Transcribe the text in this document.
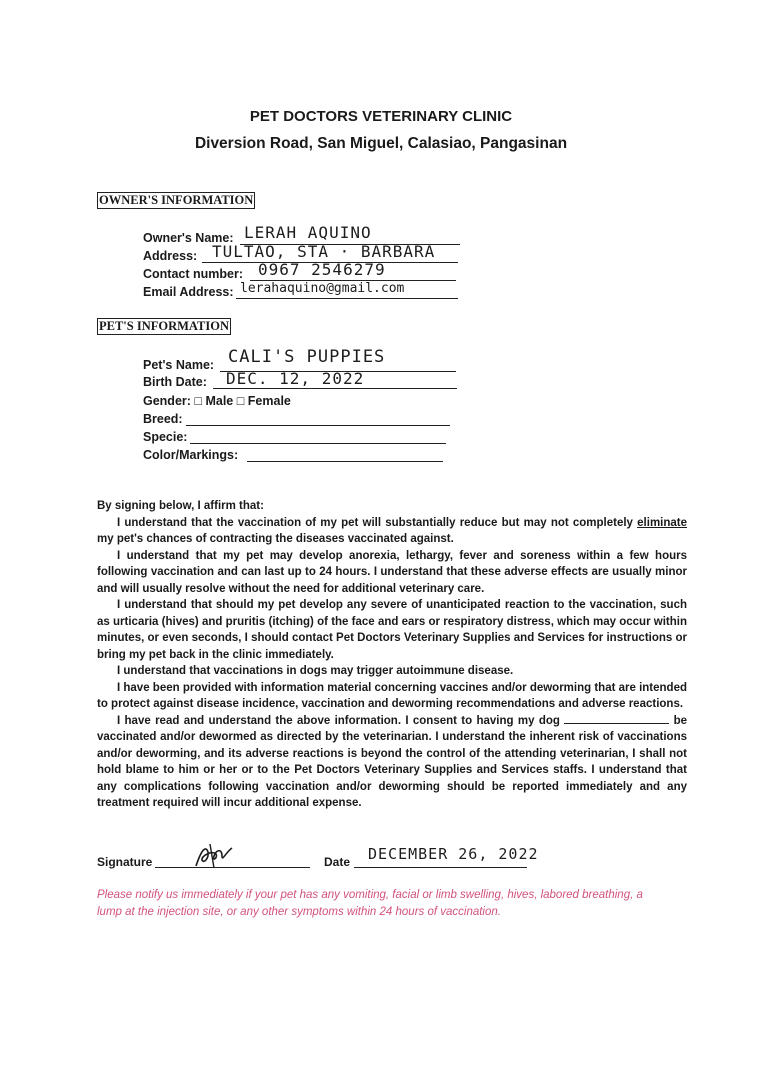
PET DOCTORS VETERINARY CLINIC
Diversion Road, San Miguel, Calasiao, Pangasinan
OWNER'S INFORMATION
Owner's Name: LERAH AQUINO
Address: TULTAO, STA · BARBARA
Contact number: 0967 2546279
Email Address: lerahaquino@gmail.com
PET'S INFORMATION
Pet's Name: CALI'S PUPPIES
Birth Date: DEC. 12, 2022
Gender: □ Male □ Female
Breed:
Specie:
Color/Markings:

By signing below, I affirm that:

I understand that the vaccination of my pet will substantially reduce but may not completely eliminate my pet's chances of contracting the diseases vaccinated against.

I understand that my pet may develop anorexia, lethargy, fever and soreness within a few hours following vaccination and can last up to 24 hours. I understand that these adverse effects are usually minor and will usually resolve without the need for additional veterinary care.

I understand that should my pet develop any severe of unanticipated reaction to the vaccination, such as urticaria (hives) and pruritis (itching) of the face and ears or respiratory distress, which may occur within minutes, or even seconds, I should contact Pet Doctors Veterinary Supplies and Services for instructions or bring my pet back in the clinic immediately.

I understand that vaccinations in dogs may trigger autoimmune disease.

I have been provided with information material concerning vaccines and/or deworming that are intended to protect against disease incidence, vaccination and deworming recommendations and adverse reactions.

I have read and understand the above information. I consent to having my dog	be vaccinated and/or dewormed as directed by the veterinarian. I understand the inherent risk of vaccinations and/or deworming, and its adverse reactions is beyond the control of the attending veterinarian, I shall not hold blame to him or her or to the Pet Doctors Veterinary Supplies and Services staffs. I understand that any complications following vaccination and/or deworming should be reported immediately and any treatment required will incur additional expense.

Signature	Date DECEMBER 26, 2022
Please notify us immediately if your pet has any vomiting, facial or limb swelling, hives, labored breathing, a lump at the injection site, or any other symptoms within 24 hours of vaccination.
